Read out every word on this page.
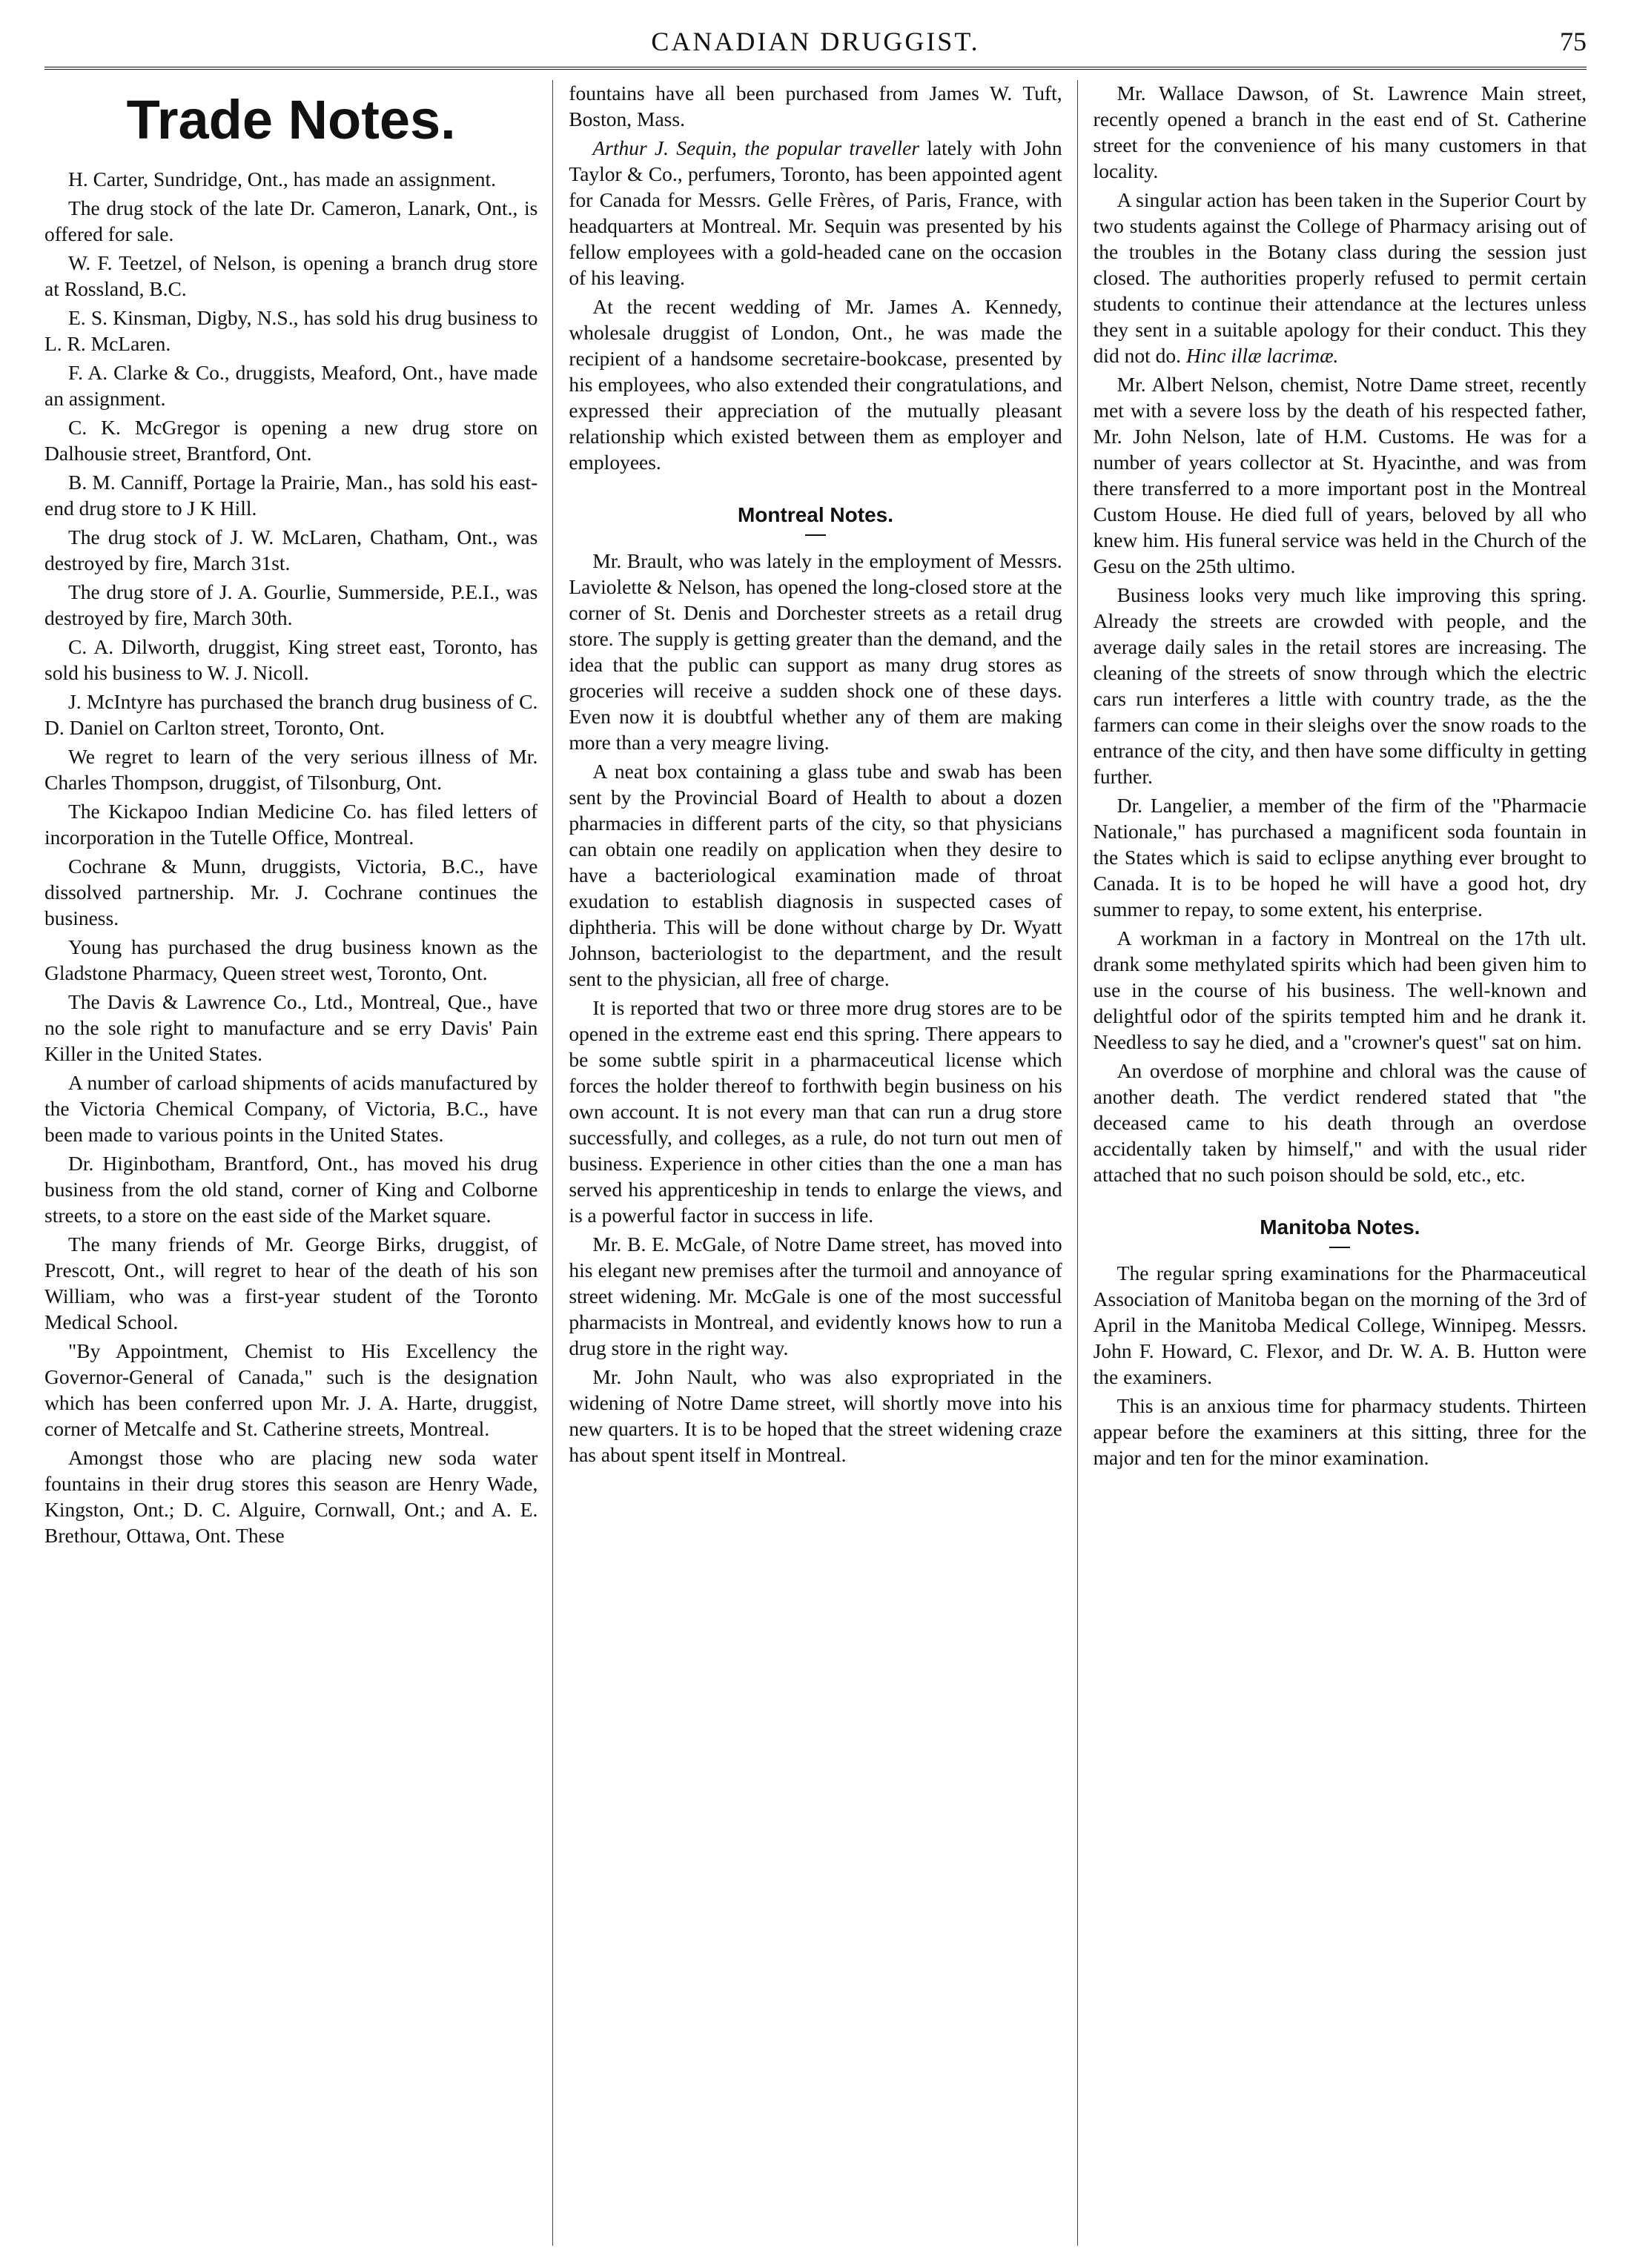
CANADIAN DRUGGIST.	75
Trade Notes.

H. Carter, Sundridge, Ont., has made an assignment.

The drug stock of the late Dr. Cameron, Lanark, Ont., is offered for sale.

W. F. Teetzel, of Nelson, is opening a branch drug store at Rossland, B.C.

E. S. Kinsman, Digby, N.S., has sold his drug business to L. R. McLaren.

F. A. Clarke & Co., druggists, Meaford, Ont., have made an assignment.

C. K. McGregor is opening a new drug store on Dalhousie street, Brantford, Ont.

B. M. Canniff, Portage la Prairie, Man., has sold his east-end drug store to J K Hill.

The drug stock of J. W. McLaren, Chatham, Ont., was destroyed by fire, March 31st.

The drug store of J. A. Gourlie, Summerside, P.E.I., was destroyed by fire, March 30th.

C. A. Dilworth, druggist, King street east, Toronto, has sold his business to W. J. Nicoll.

J. McIntyre has purchased the branch drug business of C. D. Daniel on Carlton street, Toronto, Ont.

We regret to learn of the very serious illness of Mr. Charles Thompson, druggist, of Tilsonburg, Ont.

The Kickapoo Indian Medicine Co. has filed letters of incorporation in the Tutelle Office, Montreal.

Cochrane & Munn, druggists, Victoria, B.C., have dissolved partnership. Mr. J. Cochrane continues the business.

Young has purchased the drug business known as the Gladstone Pharmacy, Queen street west, Toronto, Ont.

The Davis & Lawrence Co., Ltd., Montreal, Que., have no the sole right to manufacture and se erry Davis' Pain Killer in the United States.

A number of carload shipments of acids manufactured by the Victoria Chemical Company, of Victoria, B.C., have been made to various points in the United States.

Dr. Higinbotham, Brantford, Ont., has moved his drug business from the old stand, corner of King and Colborne streets, to a store on the east side of the Market square.

The many friends of Mr. George Birks, druggist, of Prescott, Ont., will regret to hear of the death of his son William, who was a first-year student of the Toronto Medical School.

"By Appointment, Chemist to His Excellency the Governor-General of Canada," such is the designation which has been conferred upon Mr. J. A. Harte, druggist, corner of Metcalfe and St. Catherine streets, Montreal.

Amongst those who are placing new soda water fountains in their drug stores this season are Henry Wade, Kingston, Ont.; D. C. Alguire, Cornwall, Ont.; and A. E. Brethour, Ottawa, Ont. These

fountains have all been purchased from James W. Tuft, Boston, Mass.

Arthur J. Sequin, the popular traveller lately with John Taylor & Co., perfumers, Toronto, has been appointed agent for Canada for Messrs. Gelle Frères, of Paris, France, with headquarters at Montreal. Mr. Sequin was presented by his fellow employees with a gold-headed cane on the occasion of his leaving.

At the recent wedding of Mr. James A. Kennedy, wholesale druggist of London, Ont., he was made the recipient of a handsome secretaire-bookcase, presented by his employees, who also extended their congratulations, and expressed their appreciation of the mutually pleasant relationship which existed between them as employer and employees.

Montreal Notes.

Mr. Brault, who was lately in the employment of Messrs. Laviolette & Nelson, has opened the long-closed store at the corner of St. Denis and Dorchester streets as a retail drug store. The supply is getting greater than the demand, and the idea that the public can support as many drug stores as groceries will receive a sudden shock one of these days. Even now it is doubtful whether any of them are making more than a very meagre living.

A neat box containing a glass tube and swab has been sent by the Provincial Board of Health to about a dozen pharmacies in different parts of the city, so that physicians can obtain one readily on application when they desire to have a bacteriological examination made of throat exudation to establish diagnosis in suspected cases of diphtheria. This will be done without charge by Dr. Wyatt Johnson, bacteriologist to the department, and the result sent to the physician, all free of charge.

It is reported that two or three more drug stores are to be opened in the extreme east end this spring. There appears to be some subtle spirit in a pharmaceutical license which forces the holder thereof to forthwith begin business on his own account. It is not every man that can run a drug store successfully, and colleges, as a rule, do not turn out men of business. Experience in other cities than the one a man has served his apprenticeship in tends to enlarge the views, and is a powerful factor in success in life.

Mr. B. E. McGale, of Notre Dame street, has moved into his elegant new premises after the turmoil and annoyance of street widening. Mr. McGale is one of the most successful pharmacists in Montreal, and evidently knows how to run a drug store in the right way.

Mr. John Nault, who was also expropriated in the widening of Notre Dame street, will shortly move into his new quarters. It is to be hoped that the street widening craze has about spent itself in Montreal.

Mr. Wallace Dawson, of St. Lawrence Main street, recently opened a branch in the east end of St. Catherine street for the convenience of his many customers in that locality.

A singular action has been taken in the Superior Court by two students against the College of Pharmacy arising out of the troubles in the Botany class during the session just closed. The authorities properly refused to permit certain students to continue their attendance at the lectures unless they sent in a suitable apology for their conduct. This they did not do. Hinc illæ lacrimæ.

Mr. Albert Nelson, chemist, Notre Dame street, recently met with a severe loss by the death of his respected father, Mr. John Nelson, late of H.M. Customs. He was for a number of years collector at St. Hyacinthe, and was from there transferred to a more important post in the Montreal Custom House. He died full of years, beloved by all who knew him. His funeral service was held in the Church of the Gesu on the 25th ultimo.

Business looks very much like improving this spring. Already the streets are crowded with people, and the average daily sales in the retail stores are increasing. The cleaning of the streets of snow through which the electric cars run interferes a little with country trade, as the the farmers can come in their sleighs over the snow roads to the entrance of the city, and then have some difficulty in getting further.

Dr. Langelier, a member of the firm of the "Pharmacie Nationale," has purchased a magnificent soda fountain in the States which is said to eclipse anything ever brought to Canada. It is to be hoped he will have a good hot, dry summer to repay, to some extent, his enterprise.

A workman in a factory in Montreal on the 17th ult. drank some methylated spirits which had been given him to use in the course of his business. The well-known and delightful odor of the spirits tempted him and he drank it. Needless to say he died, and a "crowner's quest" sat on him.

An overdose of morphine and chloral was the cause of another death. The verdict rendered stated that "the deceased came to his death through an overdose accidentally taken by himself," and with the usual rider attached that no such poison should be sold, etc., etc.

Manitoba Notes.

The regular spring examinations for the Pharmaceutical Association of Manitoba began on the morning of the 3rd of April in the Manitoba Medical College, Winnipeg. Messrs. John F. Howard, C. Flexor, and Dr. W. A. B. Hutton were the examiners.

This is an anxious time for pharmacy students. Thirteen appear before the examiners at this sitting, three for the major and ten for the minor examination.
